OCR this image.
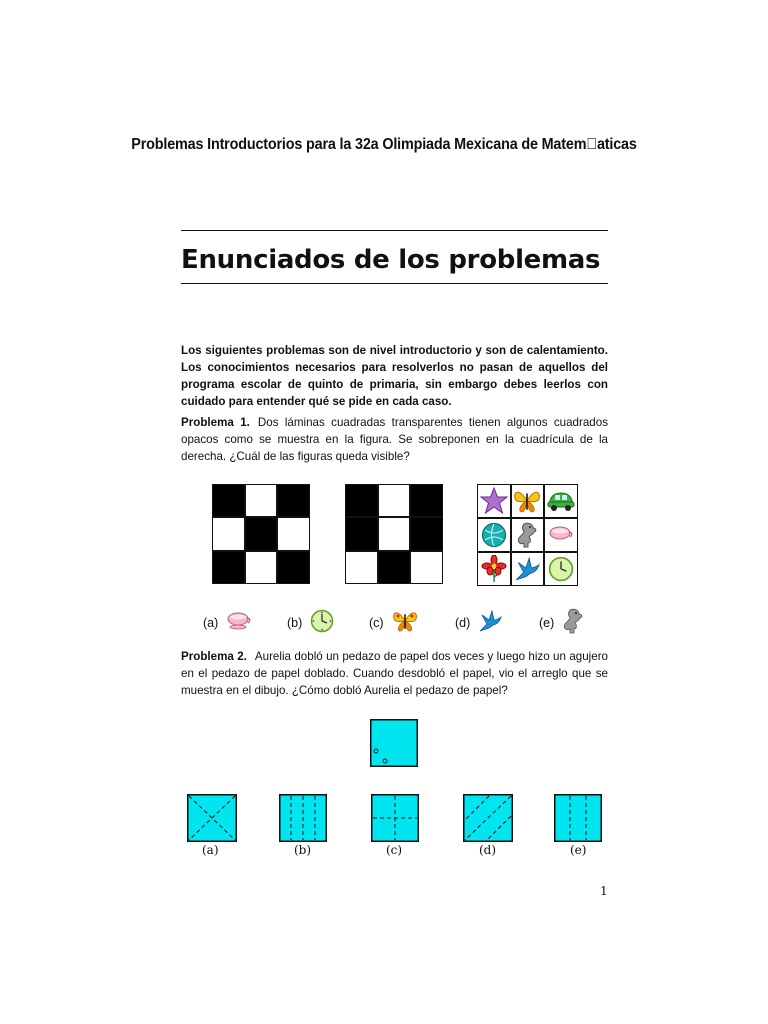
Problemas Introductorios para la 32a Olimpiada Mexicana de Matem aticas
Enunciados de los problemas
Los siguientes problemas son de nivel introductorio y son de calentamiento. Los conocimientos necesarios para resolverlos no pasan de aquellos del programa escolar de quinto de primaria, sin embargo debes leerlos con cuidado para entender qué se pide en cada caso.
Problema 1. Dos láminas cuadradas transparentes tienen algunos cuadrados opacos como se muestra en la figura. Se sobreponen en la cuadrícula de la derecha. ¿Cuál de las figuras queda visible?
(a)	(b)	(c)	(d)	(e)
Problema 2. Aurelia dobló un pedazo de papel dos veces y luego hizo un agujero en el pedazo de papel doblado. Cuando desdobló el papel, vio el arreglo que se muestra en el dibujo. ¿Cómo dobló Aurelia el pedazo de papel?
(a)	(b)	(c)	(d)	(e)
1
